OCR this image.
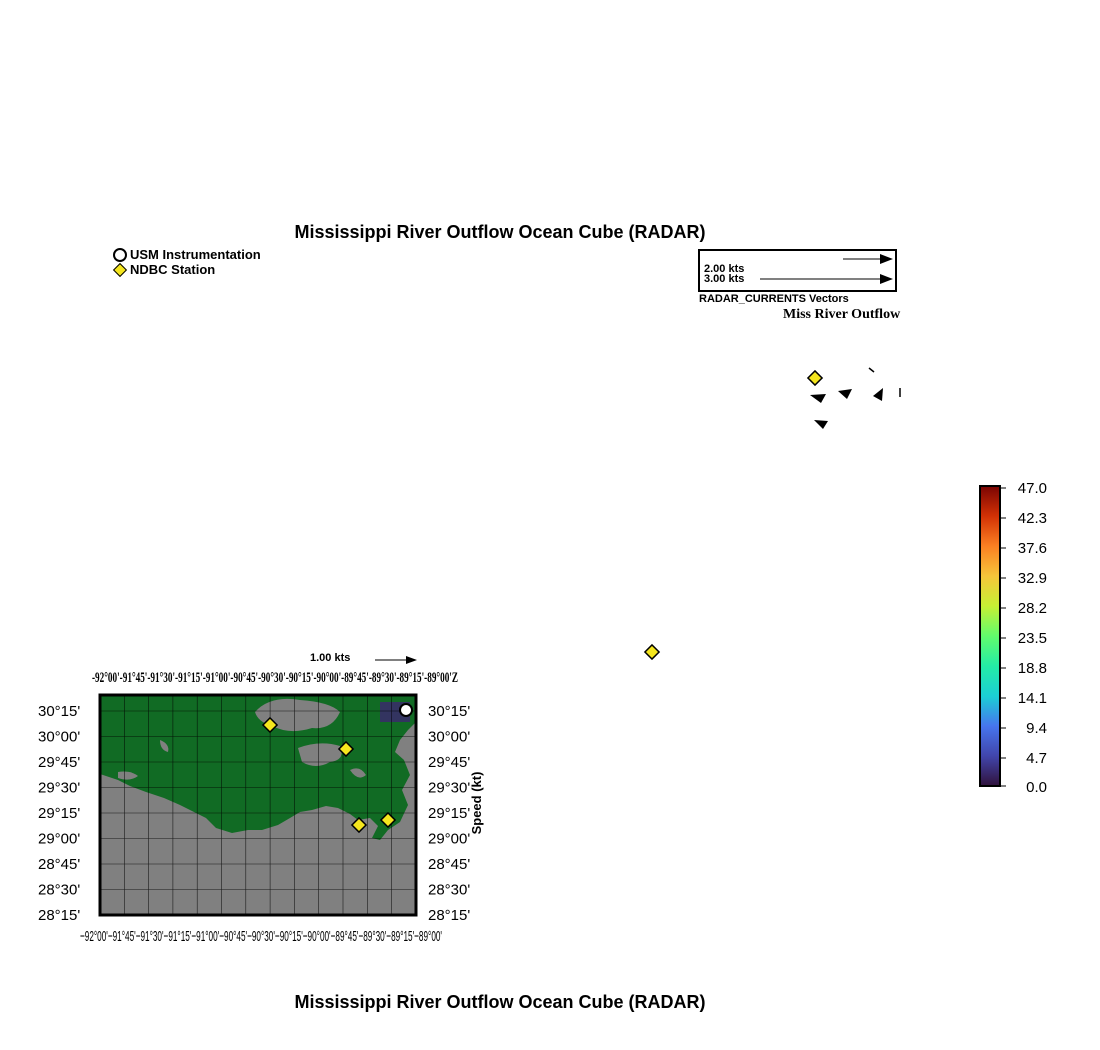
Mississippi River Outflow Ocean Cube (RADAR)
USM Instrumentation
NDBC Station	2.00 kts
3.00 kts
RADAR_CURRENTS Vectors
Miss River Outflow
1.00 kts
-92°00'-91°45'-91°30'-91°15'-91°00'-90°45'-90°30'-90°15'-90°00'-89°45'-89°30'-89°15'-89°00'Z
30°15'
30°00'
29°45'
29°30'
29°15'
29°00'
28°45'
28°30'
28°15'
30°15'
30°00'
29°45'
29°30'
29°15'
29°00'
28°45'
28°30'
28°15'
−92°00'−91°45'−91°30'−91°15'−91°00'−90°45'−90°30'−90°15'−90°00'−89°45'−89°30'−89°15'−89°00'
47.0
42.3
37.6
32.9
28.2
23.5
18.8
14.1
9.4
4.7
0.0
Speed (kt)
Mississippi River Outflow Ocean Cube (RADAR)
